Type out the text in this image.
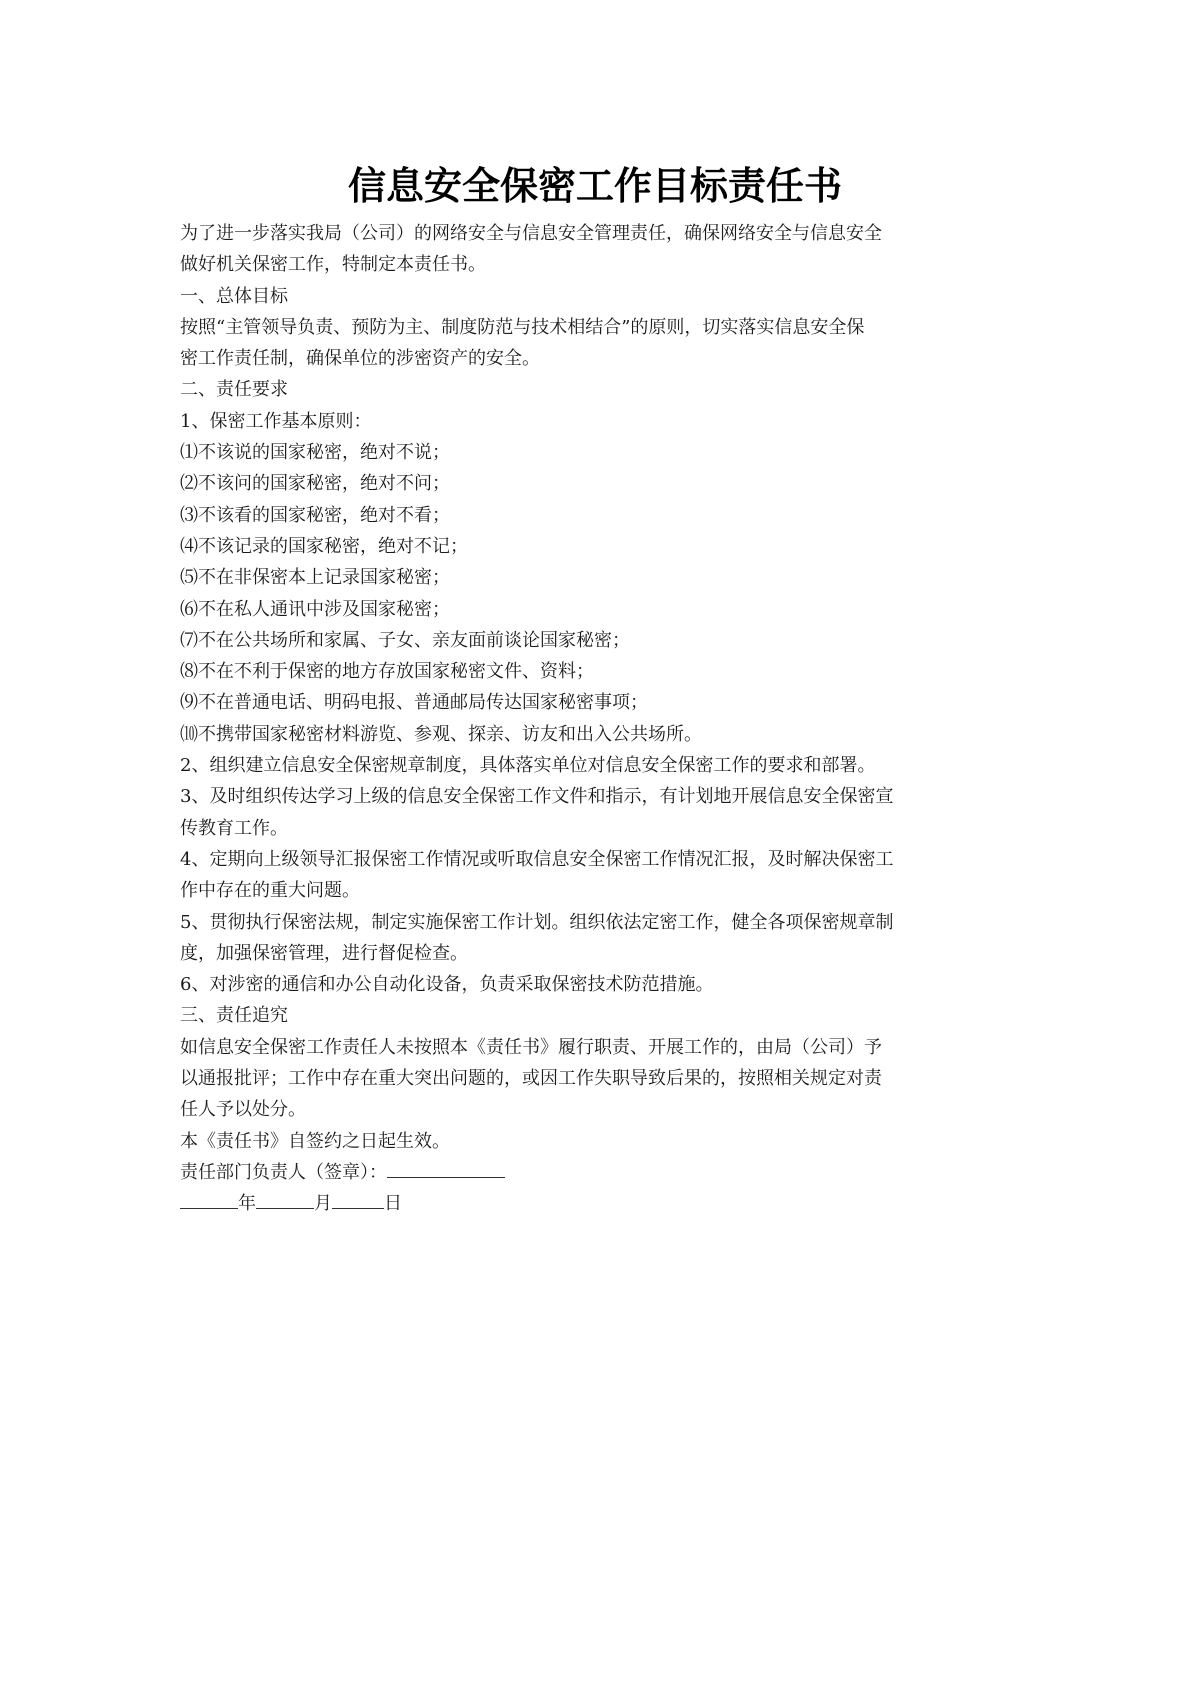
信息安全保密工作目标责任书
为了进一步落实我局（公司）的网络安全与信息安全管理责任，确保网络安全与信息安全
做好机关保密工作，特制定本责任书。
一、总体目标
按照“主管领导负责、预防为主、制度防范与技术相结合”的原则，切实落实信息安全保
密工作责任制，确保单位的涉密资产的安全。
二、责任要求
1、保密工作基本原则：
⑴不该说的国家秘密，绝对不说；
⑵不该问的国家秘密，绝对不问；
⑶不该看的国家秘密，绝对不看；
⑷不该记录的国家秘密，绝对不记；
⑸不在非保密本上记录国家秘密；
⑹不在私人通讯中涉及国家秘密；
⑺不在公共场所和家属、子女、亲友面前谈论国家秘密；
⑻不在不利于保密的地方存放国家秘密文件、资料；
⑼不在普通电话、明码电报、普通邮局传达国家秘密事项；
⑽不携带国家秘密材料游览、参观、探亲、访友和出入公共场所。
2、组织建立信息安全保密规章制度，具体落实单位对信息安全保密工作的要求和部署。
3、及时组织传达学习上级的信息安全保密工作文件和指示，有计划地开展信息安全保密宣
传教育工作。
4、定期向上级领导汇报保密工作情况或听取信息安全保密工作情况汇报，及时解决保密工
作中存在的重大问题。
5、贯彻执行保密法规，制定实施保密工作计划。组织依法定密工作，健全各项保密规章制
度，加强保密管理，进行督促检查。
6、对涉密的通信和办公自动化设备，负责采取保密技术防范措施。
三、责任追究
如信息安全保密工作责任人未按照本《责任书》履行职责、开展工作的，由局（公司）予
以通报批评；工作中存在重大突出问题的，或因工作失职导致后果的，按照相关规定对责
任人予以处分。
本《责任书》自签约之日起生效。
责任部门负责人（签章）：
年	月	日
